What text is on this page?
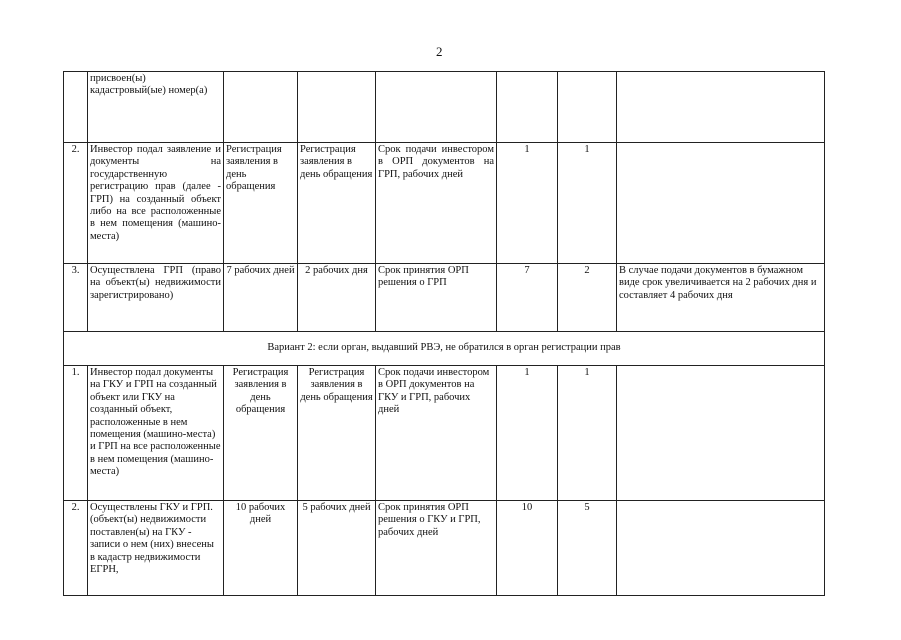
2
	присвоен(ы) кадастровый(ые) номер(а)						
2.	Инвестор подал заявление и документы на государственную регистрацию прав (далее - ГРП) на созданный объект либо на все расположенные в нем помещения (машино-места)	Регистрация заявления в день обращения	Регистрация заявления в день обращения	Срок подачи инвестором в ОРП документов на ГРП, рабочих дней	1	1	
3.	Осуществлена ГРП (право на объект(ы) недвижимости зарегистрировано)	7 рабочих дней	2 рабочих дня	Срок принятия ОРП решения о ГРП	7	2	В случае подачи документов в бумажном виде срок увеличивается на 2 рабочих дня и составляет 4 рабочих дня
Вариант 2: если орган, выдавший РВЭ, не обратился в орган регистрации прав							
1.	Инвестор подал документы на ГКУ и ГРП на созданный объект или ГКУ на созданный объект, расположенные в нем помещения (машино-места) и ГРП на все расположенные в нем помещения (машино-места)	Регистрация заявления в день обращения	Регистрация заявления в день обращения	Срок подачи инвестором в ОРП документов на ГКУ и ГРП, рабочих дней	1	1	
2.	Осуществлены ГКУ и ГРП. (объект(ы) недвижимости поставлен(ы) на ГКУ - записи о нем (них) внесены в кадастр недвижимости ЕГРН,	10 рабочих дней	5 рабочих дней	Срок принятия ОРП решения о ГКУ и ГРП, рабочих дней	10	5	
